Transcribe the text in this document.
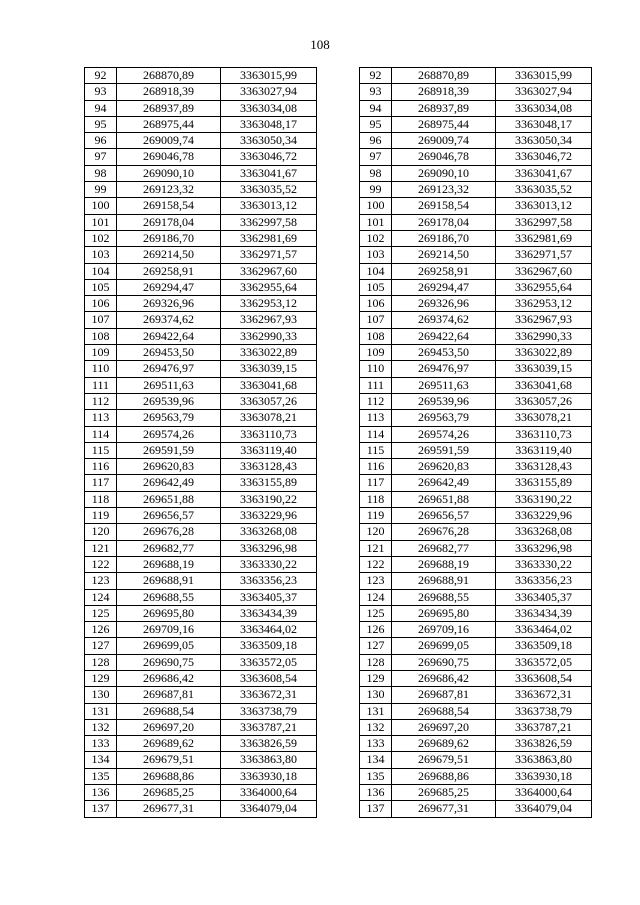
108
92	268870,89	3363015,99
93	268918,39	3363027,94
94	268937,89	3363034,08
95	268975,44	3363048,17
96	269009,74	3363050,34
97	269046,78	3363046,72
98	269090,10	3363041,67
99	269123,32	3363035,52
100	269158,54	3363013,12
101	269178,04	3362997,58
102	269186,70	3362981,69
103	269214,50	3362971,57
104	269258,91	3362967,60
105	269294,47	3362955,64
106	269326,96	3362953,12
107	269374,62	3362967,93
108	269422,64	3362990,33
109	269453,50	3363022,89
110	269476,97	3363039,15
111	269511,63	3363041,68
112	269539,96	3363057,26
113	269563,79	3363078,21
114	269574,26	3363110,73
115	269591,59	3363119,40
116	269620,83	3363128,43
117	269642,49	3363155,89
118	269651,88	3363190,22
119	269656,57	3363229,96
120	269676,28	3363268,08
121	269682,77	3363296,98
122	269688,19	3363330,22
123	269688,91	3363356,23
124	269688,55	3363405,37
125	269695,80	3363434,39
126	269709,16	3363464,02
127	269699,05	3363509,18
128	269690,75	3363572,05
129	269686,42	3363608,54
130	269687,81	3363672,31
131	269688,54	3363738,79
132	269697,20	3363787,21
133	269689,62	3363826,59
134	269679,51	3363863,80
135	269688,86	3363930,18
136	269685,25	3364000,64
137	269677,31	3364079,04
92	268870,89	3363015,99
93	268918,39	3363027,94
94	268937,89	3363034,08
95	268975,44	3363048,17
96	269009,74	3363050,34
97	269046,78	3363046,72
98	269090,10	3363041,67
99	269123,32	3363035,52
100	269158,54	3363013,12
101	269178,04	3362997,58
102	269186,70	3362981,69
103	269214,50	3362971,57
104	269258,91	3362967,60
105	269294,47	3362955,64
106	269326,96	3362953,12
107	269374,62	3362967,93
108	269422,64	3362990,33
109	269453,50	3363022,89
110	269476,97	3363039,15
111	269511,63	3363041,68
112	269539,96	3363057,26
113	269563,79	3363078,21
114	269574,26	3363110,73
115	269591,59	3363119,40
116	269620,83	3363128,43
117	269642,49	3363155,89
118	269651,88	3363190,22
119	269656,57	3363229,96
120	269676,28	3363268,08
121	269682,77	3363296,98
122	269688,19	3363330,22
123	269688,91	3363356,23
124	269688,55	3363405,37
125	269695,80	3363434,39
126	269709,16	3363464,02
127	269699,05	3363509,18
128	269690,75	3363572,05
129	269686,42	3363608,54
130	269687,81	3363672,31
131	269688,54	3363738,79
132	269697,20	3363787,21
133	269689,62	3363826,59
134	269679,51	3363863,80
135	269688,86	3363930,18
136	269685,25	3364000,64
137	269677,31	3364079,04
